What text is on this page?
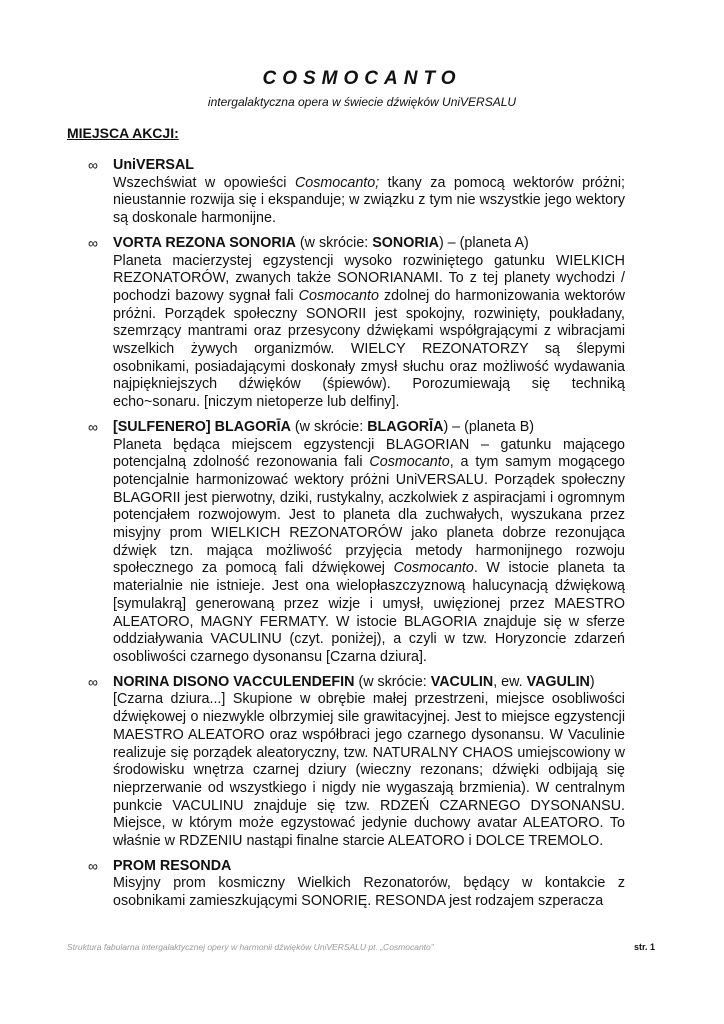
COSMOCANTO
intergalaktyczna opera w świecie dźwięków UniVERSALU
MIEJSCA AKCJI:
∞ UniVERSAL
Wszechświat w opowieści Cosmocanto; tkany za pomocą wektorów próżni; nieustannie rozwija się i ekspanduje; w związku z tym nie wszystkie jego wektory są doskonale harmonijne.
∞ VORTA REZONA SONORIA (w skrócie: SONORIA) – (planeta A)
Planeta macierzystej egzystencji wysoko rozwiniętego gatunku WIELKICH REZONATORÓW, zwanych także SONORIANAMI. To z tej planety wychodzi / pochodzi bazowy sygnał fali Cosmocanto zdolnej do harmonizowania wektorów próżni. Porządek społeczny SONORII jest spokojny, rozwinięty, poukładany, szemrzący mantrami oraz przesycony dźwiękami współgrającymi z wibracjami wszelkich żywych organizmów. WIELCY REZONATORZY są ślepymi osobnikami, posiadającymi doskonały zmysł słuchu oraz możliwość wydawania najpiękniejszych dźwięków (śpiewów). Porozumiewają się techniką echo~sonaru. [niczym nietoperze lub delfiny].
∞ [SULFENERO] BLAGORĪA (w skrócie: BLAGORĪA) – (planeta B)
Planeta będąca miejscem egzystencji BLAGORIAN – gatunku mającego potencjalną zdolność rezonowania fali Cosmocanto, a tym samym mogącego potencjalnie harmonizować wektory próżni UniVERSALU. Porządek społeczny BLAGORII jest pierwotny, dziki, rustykalny, aczkolwiek z aspiracjami i ogromnym potencjałem rozwojowym. Jest to planeta dla zuchwałych, wyszukana przez misyjny prom WIELKICH REZONATORÓW jako planeta dobrze rezonująca dźwięk tzn. mająca możliwość przyjęcia metody harmonijnego rozwoju społecznego za pomocą fali dźwiękowej Cosmocanto. W istocie planeta ta materialnie nie istnieje. Jest ona wielopłaszczyznową halucynacją dźwiękową [symulakrą] generowaną przez wizje i umysł, uwięzionej przez MAESTRO ALEATORO, MAGNY FERMATY. W istocie BLAGORIA znajduje się w sferze oddziaływania VACULINU (czyt. poniżej), a czyli w tzw. Horyzoncie zdarzeń osobliwości czarnego dysonansu [Czarna dziura].
∞ NORINA DISONO VACCULENDEFIN (w skrócie: VACULIN, ew. VAGULIN)
[Czarna dziura...] Skupione w obrębie małej przestrzeni, miejsce osobliwości dźwiękowej o niezwykle olbrzymiej sile grawitacyjnej. Jest to miejsce egzystencji MAESTRO ALEATORO oraz współbraci jego czarnego dysonansu. W Vaculinie realizuje się porządek aleatoryczny, tzw. NATURALNY CHAOS umiejscowiony w środowisku wnętrza czarnej dziury (wieczny rezonans; dźwięki odbijają się nieprzerwanie od wszystkiego i nigdy nie wygaszają brzmienia). W centralnym punkcie VACULINU znajduje się tzw. RDZEŃ CZARNEGO DYSONANSU. Miejsce, w którym może egzystować jedynie duchowy avatar ALEATORO. To właśnie w RDZENIU nastąpi finalne starcie ALEATORO i DOLCE TREMOLO.
∞ PROM RESONDA
Misyjny prom kosmiczny Wielkich Rezonatorów, będący w kontakcie z osobnikami zamieszkującymi SONORIĘ. RESONDA jest rodzajem szperacza
Struktura fabularna intergalaktycznej opery w harmonii dźwięków UniVERSALU pt. „Cosmocanto”	str. 1
